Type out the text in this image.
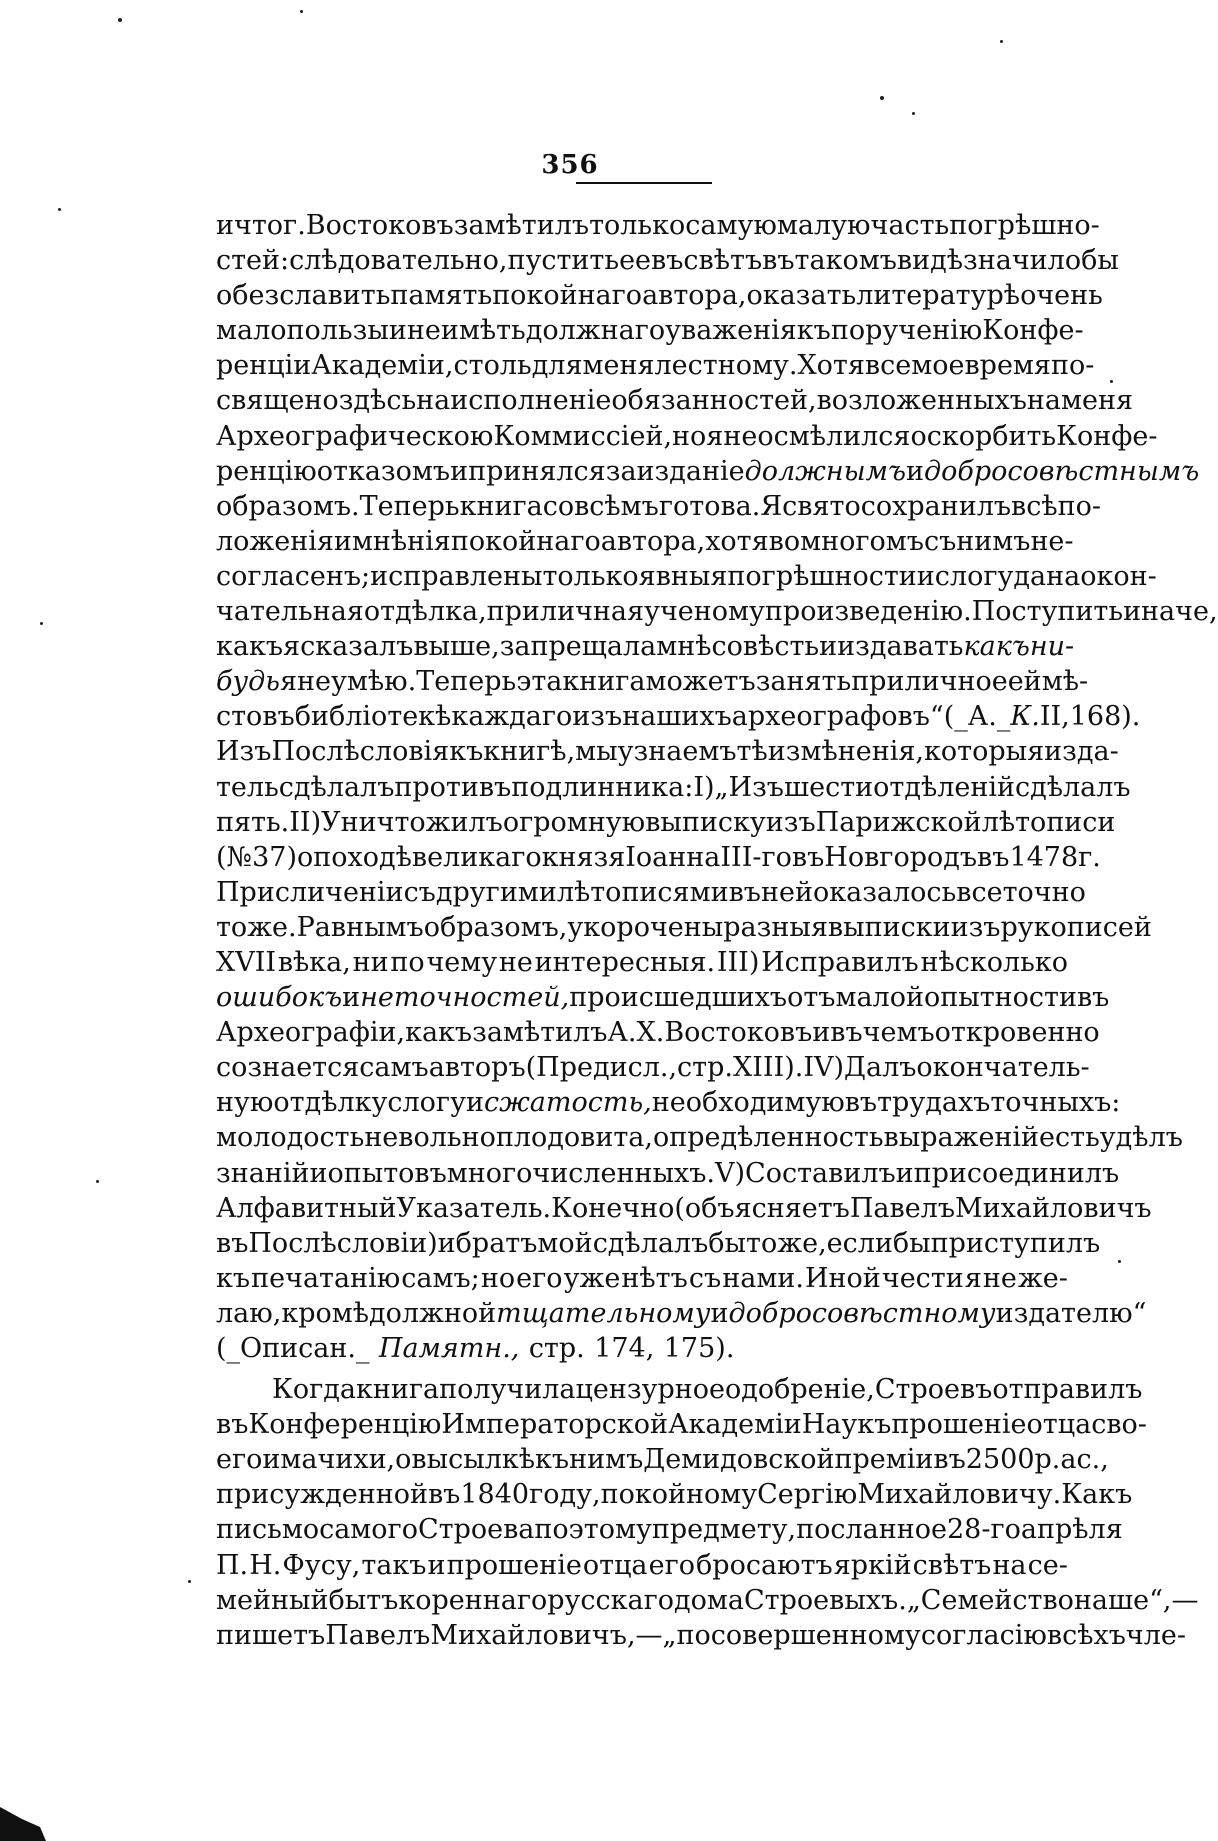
356
и что г. Востоковъ замѣтилъ только самую малую часть погрѣшно-
стей: слѣдовательно, пустить ее въ свѣтъ въ такомъ видѣ значило бы
обезславить память покойнаго автора, оказать литературѣ очень
мало пользы и не имѣть должнаго уваженія къ порученію Конфе-
ренціи Академіи, столь для меня лестному. Хотя все мое время по-
священо здѣсь на исполненіе обязанностей, возложенныхъ на меня
Археографическою Коммиссіей, но я не осмѣлился оскорбить Конфе-
ренцію отказомъ и принялся за изданіе должнымъ и добросовѣстнымъ
образомъ. Теперь книга совсѣмъ готова. Я свято сохранилъ всѣ по-
ложенія и мнѣнія покойнаго автора, хотя во многомъ съ нимъ не-
согласенъ; исправлены только явныя погрѣшности и слогу дана окон-
чательная отдѣлка, приличная ученому произведенію. Поступить иначе,
какъ я сказалъ выше, запрещала мнѣ совѣсть и издавать какъ ни-
будь я не умѣю. Теперь эта книга можетъ занять приличное ей мѣ-
сто въ библіотекѣ каждаго изъ нашихъ археографовъ“ (_А._ К. II, 168).
Изъ Послѣсловія къ книгѣ, мы узнаемъ тѣ измѣненія, которыя изда-
тель сдѣлалъ противъ подлинника: I) „Изъ шести отдѣленій сдѣлалъ
пять. II) Уничтожилъ огромную выписку изъ Парижской лѣтописи
(№ 37) о походѣ великаго князя Іоанна III-го въ Новгородъ въ 1478 г.
При сличеніи съ другими лѣтописями въ ней оказалось все точно
то же. Равнымъ образомъ, укорочены разныя выписки изъ рукописей
XVII вѣка, ни по чему не интересныя. III) Исправилъ нѣсколько
ошибокъ и неточностей, происшедшихъ отъ малой опытности въ
Археографіи, какъ замѣтилъ А. Х. Востоковъ и въ чемъ откровенно
сознается самъ авторъ (Предисл., стр. XIII). IV) Далъ окончатель-
ную отдѣлку слогу и сжатость, необходимую въ трудахъ точныхъ:
молодость невольно плодовита, опредѣленность выраженій есть удѣлъ
знаній и опытовъ многочисленныхъ. V) Составилъ и присоединилъ
Алфавитный Указатель. Конечно (объясняетъ Павелъ Михайловичъ
въ Послѣсловіи) и братъ мой сдѣлалъ бы то же, еслибы приступилъ
къ печатанію самъ; но его уже нѣтъ съ нами. Иной чести я не же-
лаю, кромѣ должной тщательному и добросовѣстному издателю“
(_Описан._ Памятн., стр. 174, 175).
Когда книга получила цензурное одобреніе, Строевъ отправилъ
въ Конференцію Императорской Академіи Наукъ прошеніе отца сво-
его и мачихи, о высылкѣ къ нимъ Демидовской преміи въ 2500 р. ас.,
присужденной въ 1840 году, покойному Сергію Михайловичу. Какъ
письмо самого Строева по этому предмету, посланное 28-го апрѣля
П. Н. Фусу, такъ и прошеніе отца его бросаютъ яркій свѣтъ на се-
мейный бытъ кореннаго русскаго дома Строевыхъ. „Семейство наше“,—
пишетъ Павелъ Михайловичъ,—„по совершенному согласію всѣхъ чле-
